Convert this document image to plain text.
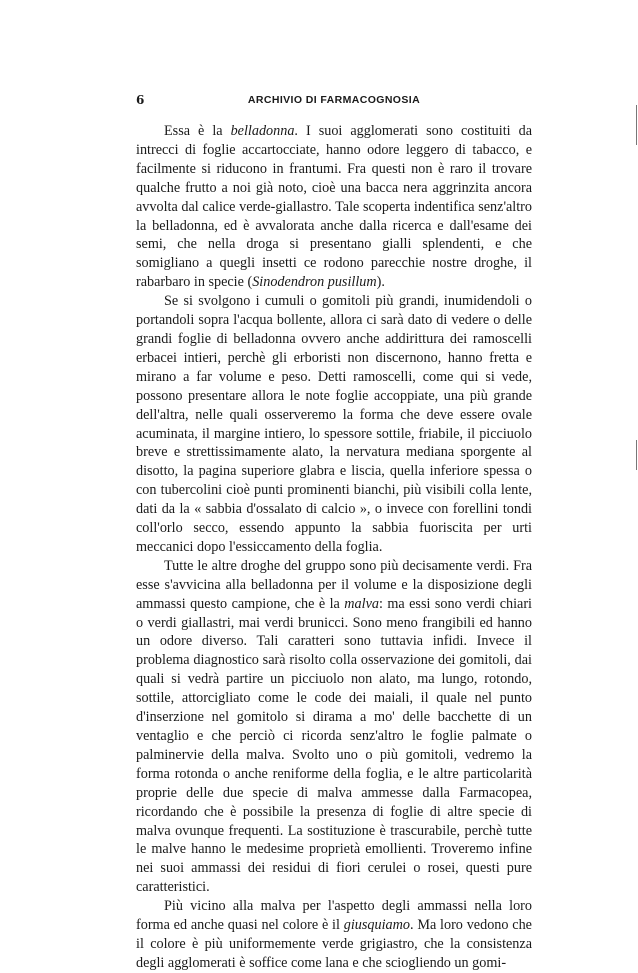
6	ARCHIVIO DI FARMACOGNOSIA

Essa è la belladonna. I suoi agglomerati sono costituiti da intrecci di foglie accartocciate, hanno odore leggero di tabacco, e facilmente si riducono in frantumi. Fra questi non è raro il trovare qualche frutto a noi già noto, cioè una bacca nera aggrinzita ancora avvolta dal calice verde-giallastro. Tale scoperta indentifica senz'altro la belladonna, ed è avvalorata anche dalla ricerca e dall'esame dei semi, che nella droga si presentano gialli splendenti, e che somigliano a quegli insetti ce rodono parecchie nostre droghe, il rabarbaro in specie (Sinodendron pusillum).

Se si svolgono i cumuli o gomitoli più grandi, inumidendoli o portandoli sopra l'acqua bollente, allora ci sarà dato di vedere o delle grandi foglie di belladonna ovvero anche addirittura dei ramoscelli erbacei intieri, perchè gli erboristi non discernono, hanno fretta e mirano a far volume e peso. Detti ramoscelli, come qui si vede, possono presentare allora le note foglie accoppiate, una più grande dell'altra, nelle quali osserveremo la forma che deve essere ovale acuminata, il margine intiero, lo spessore sottile, friabile, il picciuolo breve e strettissimamente alato, la nervatura mediana sporgente al disotto, la pagina superiore glabra e liscia, quella inferiore spessa o con tubercolini cioè punti prominenti bianchi, più visibili colla lente, dati da la « sabbia d'ossalato di calcio », o invece con forellini tondi coll'orlo secco, essendo appunto la sabbia fuoriscita per urti meccanici dopo l'essiccamento della foglia.

Tutte le altre droghe del gruppo sono più decisamente verdi. Fra esse s'avvicina alla belladonna per il volume e la disposizione degli ammassi questo campione, che è la malva: ma essi sono verdi chiari o verdi giallastri, mai verdi brunicci. Sono meno frangibili ed hanno un odore diverso. Tali caratteri sono tuttavia infidi. Invece il problema diagnostico sarà risolto colla osservazione dei gomitoli, dai quali si vedrà partire un picciuolo non alato, ma lungo, rotondo, sottile, attorcigliato come le code dei maiali, il quale nel punto d'inserzione nel gomitolo si dirama a mo' delle bacchette di un ventaglio e che perciò ci ricorda senz'altro le foglie palmate o palminervie della malva. Svolto uno o più gomitoli, vedremo la forma rotonda o anche reniforme della foglia, e le altre particolarità proprie delle due specie di malva ammesse dalla Farmacopea, ricordando che è possibile la presenza di foglie di altre specie di malva ovunque frequenti. La sostituzione è trascurabile, perchè tutte le malve hanno le medesime proprietà emollienti. Troveremo infine nei suoi ammassi dei residui di fiori cerulei o rosei, questi pure caratteristici.

Più vicino alla malva per l'aspetto degli ammassi nella loro forma ed anche quasi nel colore è il giusquiamo. Ma loro vedono che il colore è più uniformemente verde grigiastro, che la consistenza degli agglomerati è soffice come lana e che sciogliendo un gomi-
